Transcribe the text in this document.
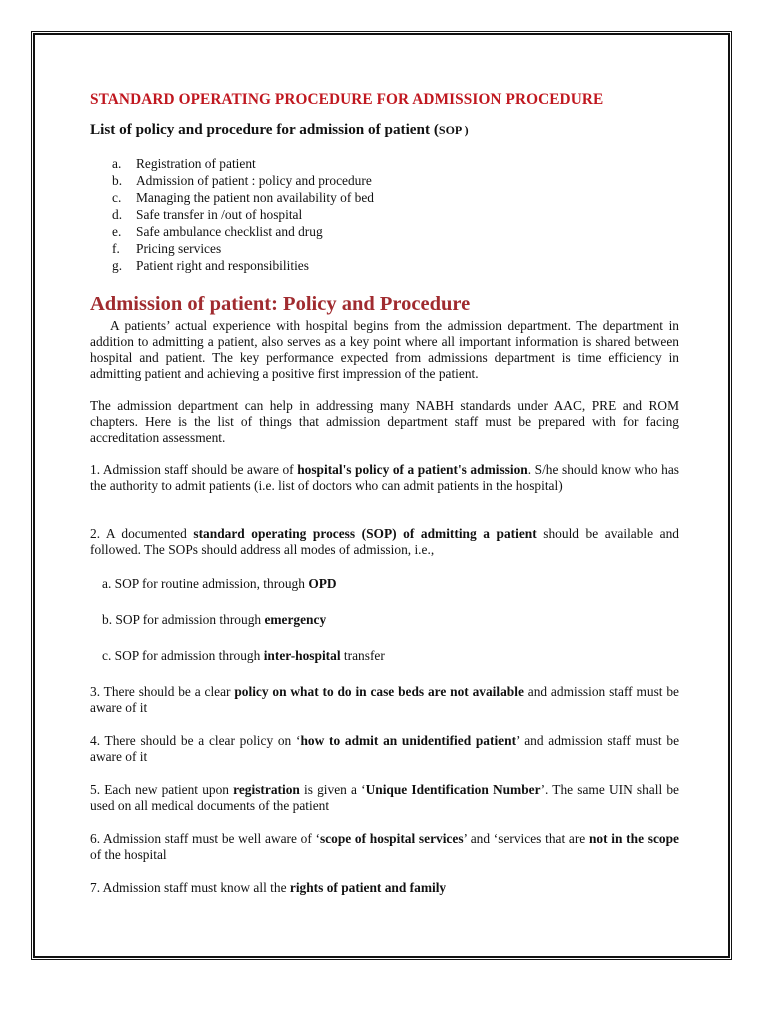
STANDARD OPERATING PROCEDURE FOR ADMISSION PROCEDURE
List of policy and procedure for admission of patient (SOP )
a.	Registration of patient
b.	Admission of patient : policy and procedure
c.	Managing the patient non availability of bed
d.	Safe transfer in /out of hospital
e.	Safe ambulance checklist and drug
f.	Pricing services
g.	Patient right and responsibilities
Admission of patient: Policy and Procedure

A patients’ actual experience with hospital begins from the admission department. The department in addition to admitting a patient, also serves as a key point where all important information is shared between hospital and patient. The key performance expected from admissions department is time efficiency in admitting patient and achieving a positive first impression of the patient.

The admission department can help in addressing many NABH standards under AAC, PRE and ROM chapters. Here is the list of things that admission department staff must be prepared with for facing accreditation assessment.

1. Admission staff should be aware of hospital's policy of a patient's admission. S/he should know who has the authority to admit patients (i.e. list of doctors who can admit patients in the hospital)

2. A documented standard operating process (SOP) of admitting a patient should be available and followed. The SOPs should address all modes of admission, i.e.,

a. SOP for routine admission, through OPD

b. SOP for admission through emergency

c. SOP for admission through inter-hospital transfer

3. There should be a clear policy on what to do in case beds are not available and admission staff must be aware of it

4. There should be a clear policy on ‘how to admit an unidentified patient’ and admission staff must be aware of it

5. Each new patient upon registration is given a ‘Unique Identification Number’. The same UIN shall be used on all medical documents of the patient

6. Admission staff must be well aware of ‘scope of hospital services’ and ‘services that are not in the scope of the hospital

7. Admission staff must know all the rights of patient and family
